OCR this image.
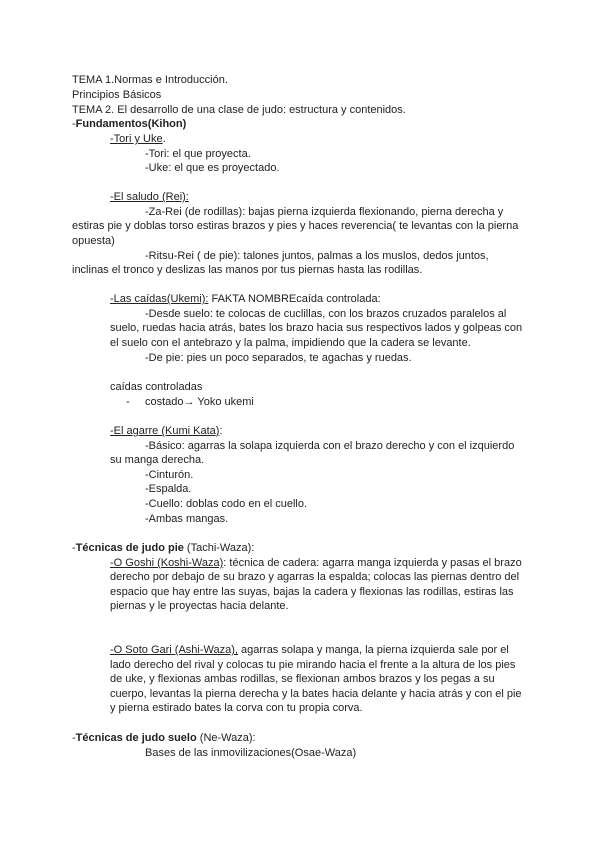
TEMA 1.Normas e Introducción.
Principios Básicos
TEMA 2. El desarrollo de una clase de judo: estructura y contenidos.
-Fundamentos(Kihon)
-Tori y Uke.
-Tori: el que proyecta.
-Uke: el que es proyectado.
-El saludo (Rei):
-Za-Rei (de rodillas): bajas pierna izquierda flexionando, pierna derecha y
estiras pie y doblas torso estiras brazos y pies y haces reverencia( te levantas con la pierna
opuesta)
-Ritsu-Rei ( de pie): talones juntos, palmas a los muslos, dedos juntos,
inclinas el tronco y deslizas las manos por tus piernas hasta las rodillas.
-Las caídas(Ukemi): FAKTA NOMBREcaída controlada:
-Desde suelo: te colocas de cuclillas, con los brazos cruzados paralelos al
suelo, ruedas hacia atrás, bates los brazo hacia sus respectivos lados y golpeas con
el suelo con el antebrazo y la palma, impidiendo que la cadera se levante.
-De pie: pies un poco separados, te agachas y ruedas.
caídas controladas
- costado→ Yoko ukemi
-El agarre (Kumi Kata):
-Básico: agarras la solapa izquierda con el brazo derecho y con el izquierdo
su manga derecha.
-Cinturón.
-Espalda.
-Cuello: doblas codo en el cuello.
-Ambas mangas.
-Técnicas de judo pie (Tachi-Waza):
-O Goshi (Koshi-Waza): técnica de cadera: agarra manga izquierda y pasas el brazo
derecho por debajo de su brazo y agarras la espalda; colocas las piernas dentro del
espacio que hay entre las suyas, bajas la cadera y flexionas las rodillas, estiras las
piernas y le proyectas hacia delante.
-O Soto Gari (Ashi-Waza), agarras solapa y manga, la pierna izquierda sale por el
lado derecho del rival y colocas tu pie mirando hacia el frente a la altura de los pies
de uke, y flexionas ambas rodillas, se flexionan ambos brazos y los pegas a su
cuerpo, levantas la pierna derecha y la bates hacia delante y hacia atrás y con el pie
y pierna estirado bates la corva con tu propia corva.
-Técnicas de judo suelo (Ne-Waza):
Bases de las inmovilizaciones(Osae-Waza)
